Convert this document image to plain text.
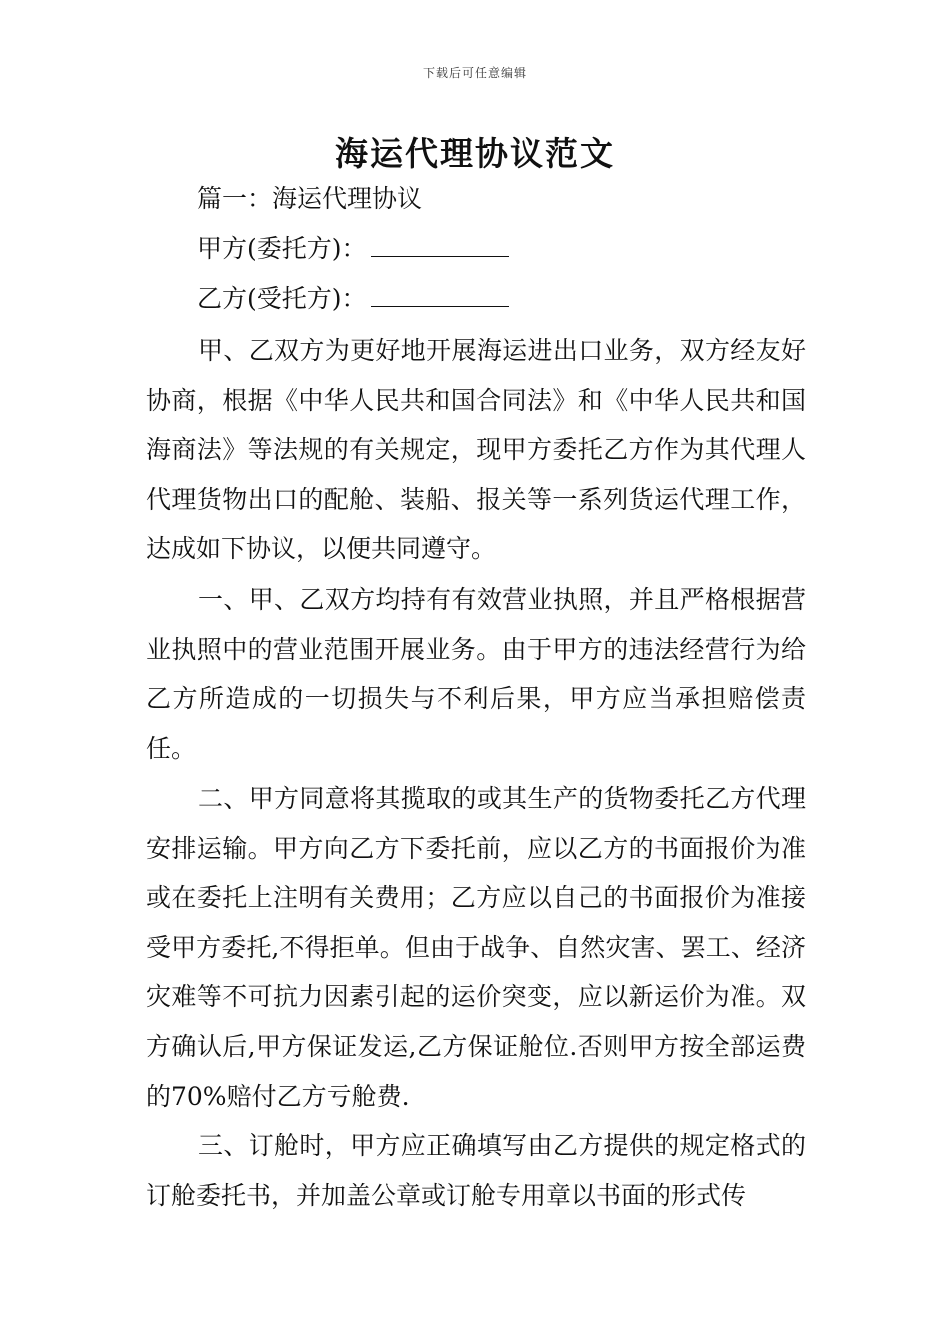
下载后可任意编辑
海运代理协议范文
篇一：海运代理协议
甲方(委托方)：
乙方(受托方)：

甲、乙双方为更好地开展海运进出口业务，双方经友好协商，根据《中华人民共和国合同法》和《中华人民共和国海商法》等法规的有关规定，现甲方委托乙方作为其代理人代理货物出口的配舱、装船、报关等一系列货运代理工作，达成如下协议，以便共同遵守。

一、甲、乙双方均持有有效营业执照，并且严格根据营业执照中的营业范围开展业务。由于甲方的违法经营行为给乙方所造成的一切损失与不利后果，甲方应当承担赔偿责任。

二、甲方同意将其揽取的或其生产的货物委托乙方代理安排运输。甲方向乙方下委托前，应以乙方的书面报价为准或在委托上注明有关费用；乙方应以自己的书面报价为准接受甲方委托,不得拒单。但由于战争、自然灾害、罢工、经济灾难等不可抗力因素引起的运价突变，应以新运价为准。双方确认后,甲方保证发运,乙方保证舱位.否则甲方按全部运费的70%赔付乙方亏舱费.

三、订舱时，甲方应正确填写由乙方提供的规定格式的订舱委托书，并加盖公章或订舱专用章以书面的形式传
